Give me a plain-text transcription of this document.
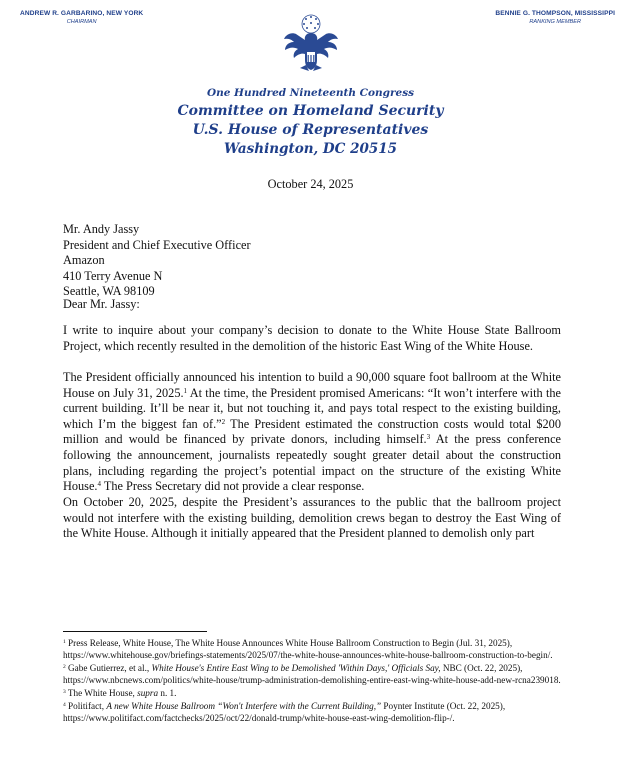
ANDREW R. GARBARINO, NEW YORK
CHAIRMAN
BENNIE G. THOMPSON, MISSISSIPPI
RANKING MEMBER
One Hundred Nineteenth Congress
Committee on Homeland Security
U.S. House of Representatives
Washington, DC 20515
October 24, 2025
Mr. Andy Jassy
President and Chief Executive Officer
Amazon
410 Terry Avenue N
Seattle, WA 98109
Dear Mr. Jassy:

I write to inquire about your company’s decision to donate to the White House State Ballroom Project, which recently resulted in the demolition of the historic East Wing of the White House.

The President officially announced his intention to build a 90,000 square foot ballroom at the White House on July 31, 2025.$^1$ At the time, the President promised Americans: “It won’t interfere with the current building. It’ll be near it, but not touching it, and pays total respect to the existing building, which I’m the biggest fan of.”$^2$ The President estimated the construction costs would total $200 million and would be financed by private donors, including himself.$^3$ At the press conference following the announcement, journalists repeatedly sought greater detail about the construction plans, including regarding the project’s potential impact on the structure of the existing White House.$^4$ The Press Secretary did not provide a clear response.

On October 20, 2025, despite the President’s assurances to the public that the ballroom project would not interfere with the existing building, demolition crews began to destroy the East Wing of the White House. Although it initially appeared that the President planned to demolish only part

$^1$ Press Release, White House, The White House Announces White House Ballroom Construction to Begin (Jul. 31, 2025), https://www.whitehouse.gov/briefings-statements/2025/07/the-white-house-announces-white-house-ballroom-construction-to-begin/.

$^2$ Gabe Gutierrez, et al., White House's Entire East Wing to be Demolished 'Within Days,' Officials Say, NBC (Oct. 22, 2025), https://www.nbcnews.com/politics/white-house/trump-administration-demolishing-entire-east-wing-white-house-add-new-rcna239018.

$^3$ The White House, supra n. 1.

$^4$ Politifact, A new White House Ballroom “Won't Interfere with the Current Building,” Poynter Institute (Oct. 22, 2025), https://www.politifact.com/factchecks/2025/oct/22/donald-trump/white-house-east-wing-demolition-flip-/.
